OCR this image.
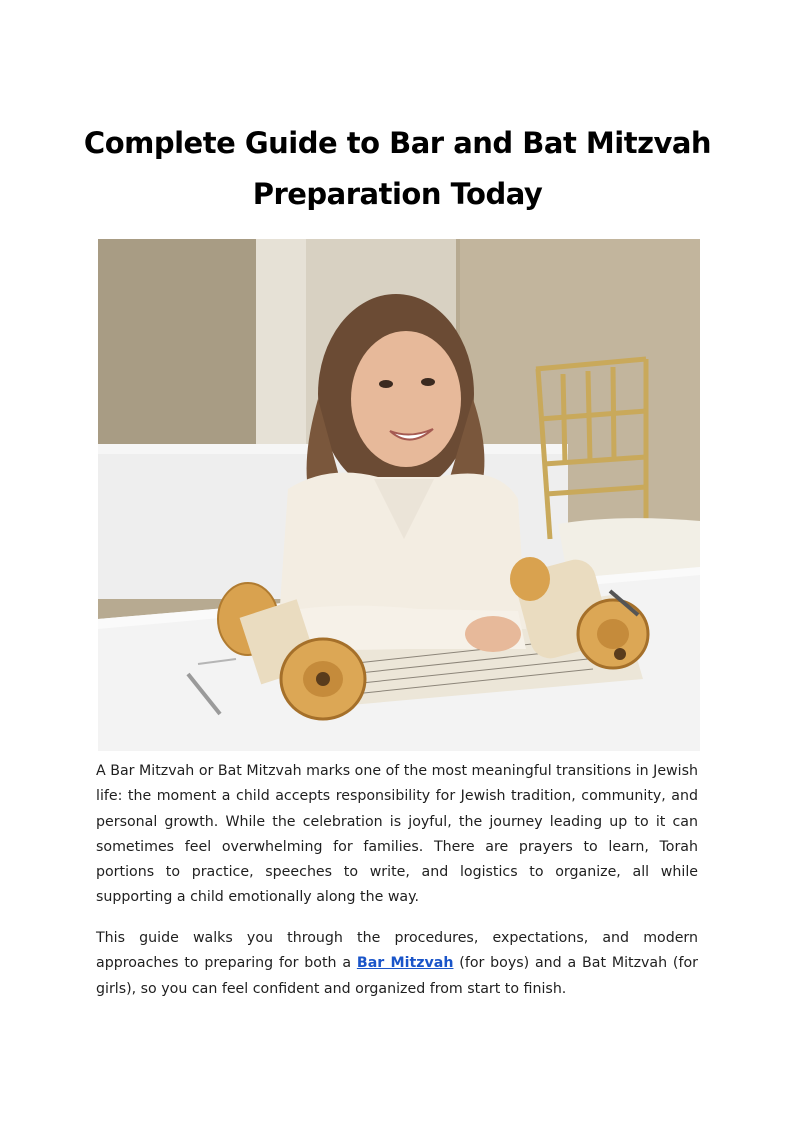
Complete Guide to Bar and Bat Mitzvah Preparation Today

A Bar Mitzvah or Bat Mitzvah marks one of the most meaningful transitions in Jewish life: the moment a child accepts responsibility for Jewish tradition, community, and personal growth. While the celebration is joyful, the journey leading up to it can sometimes feel overwhelming for families. There are prayers to learn, Torah portions to practice, speeches to write, and logistics to organize, all while supporting a child emotionally along the way.

This guide walks you through the procedures, expectations, and modern approaches to preparing for both a Bar Mitzvah (for boys) and a Bat Mitzvah (for girls), so you can feel confident and organized from start to finish.
